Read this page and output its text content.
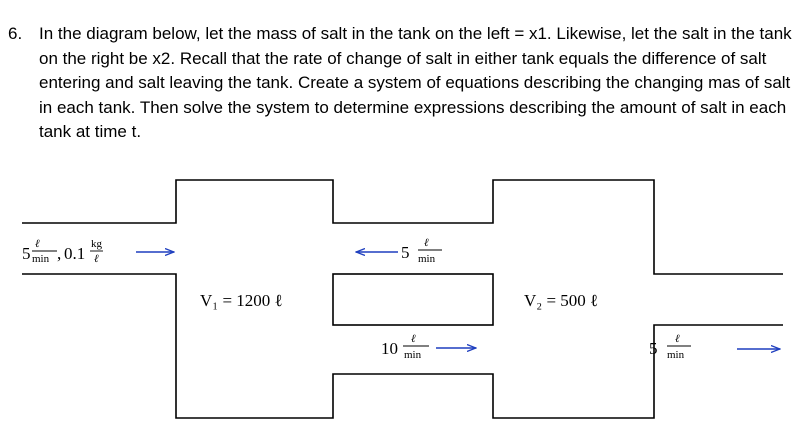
6. In the diagram below, let the mass of salt in the tank on the left = x1. Likewise, let the salt in the tank on the right be x2. Recall that the rate of change of salt in either tank equals the difference of salt entering and salt leaving the tank. Create a system of equations describing the changing mas of salt in each tank. Then solve the system to determine expressions describing the amount of salt in each tank at time t.
5 ℓ
min , 0.1 kg
ℓ	5 ℓ
min
V₁ = 1200 ℓ	V₂ = 500 ℓ
10 ℓ
min	5 ℓ
min
